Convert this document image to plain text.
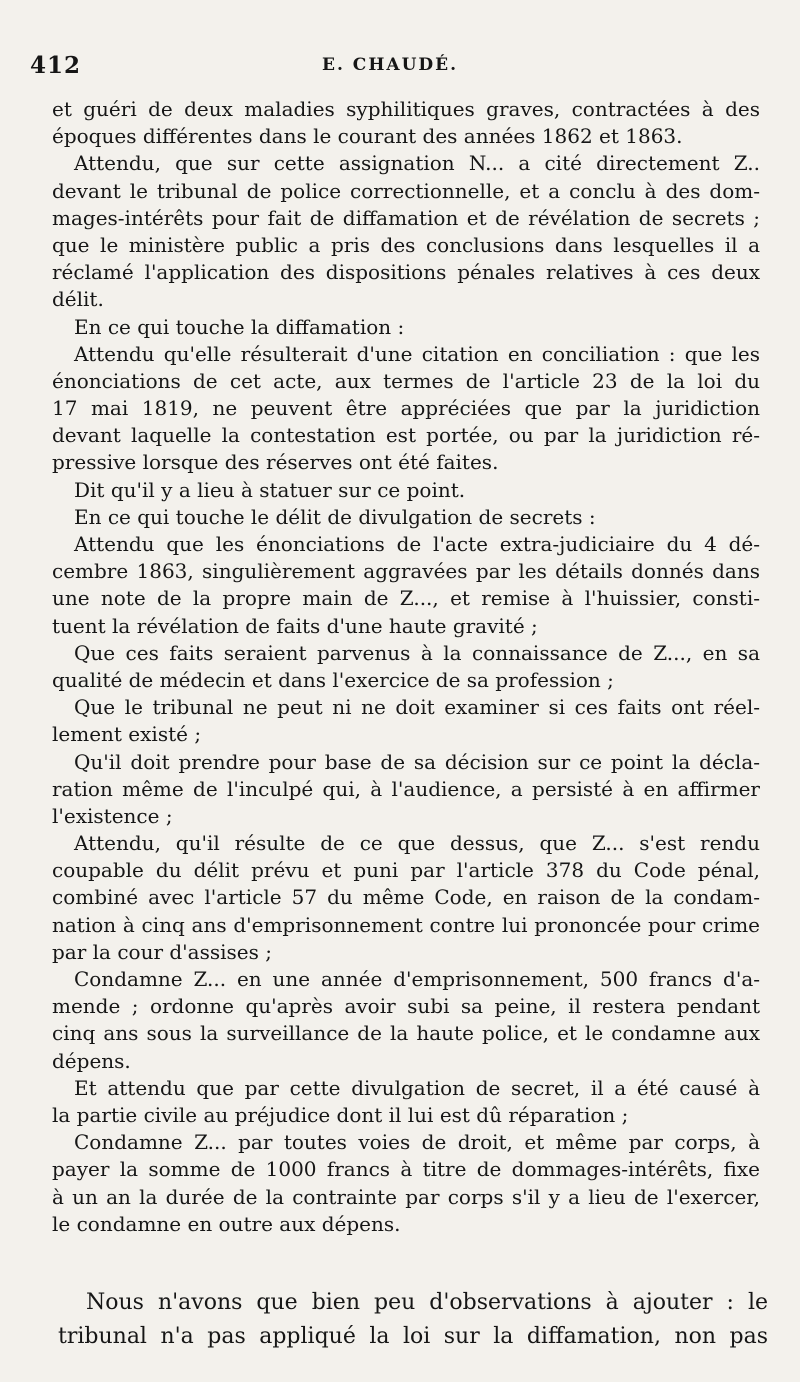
412	E. CHAUDÉ.
et guéri de deux maladies syphilitiques graves, contractées à des
époques différentes dans le courant des années 1862 et 1863.
Attendu, que sur cette assignation N... a cité directement Z..
devant le tribunal de police correctionnelle, et a conclu à des dom-
mages-intérêts pour fait de diffamation et de révélation de secrets ;
que le ministère public a pris des conclusions dans lesquelles il a
réclamé l'application des dispositions pénales relatives à ces deux
délit.
En ce qui touche la diffamation :
Attendu qu'elle résulterait d'une citation en conciliation : que les
énonciations de cet acte, aux termes de l'article 23 de la loi du
17 mai 1819, ne peuvent être appréciées que par la juridiction
devant laquelle la contestation est portée, ou par la juridiction ré-
pressive lorsque des réserves ont été faites.
Dit qu'il y a lieu à statuer sur ce point.
En ce qui touche le délit de divulgation de secrets :
Attendu que les énonciations de l'acte extra-judiciaire du 4 dé-
cembre 1863, singulièrement aggravées par les détails donnés dans
une note de la propre main de Z..., et remise à l'huissier, consti-
tuent la révélation de faits d'une haute gravité ;
Que ces faits seraient parvenus à la connaissance de Z..., en sa
qualité de médecin et dans l'exercice de sa profession ;
Que le tribunal ne peut ni ne doit examiner si ces faits ont réel-
lement existé ;
Qu'il doit prendre pour base de sa décision sur ce point la décla-
ration même de l'inculpé qui, à l'audience, a persisté à en affirmer
l'existence ;
Attendu, qu'il résulte de ce que dessus, que Z... s'est rendu
coupable du délit prévu et puni par l'article 378 du Code pénal,
combiné avec l'article 57 du même Code, en raison de la condam-
nation à cinq ans d'emprisonnement contre lui prononcée pour crime
par la cour d'assises ;
Condamne Z... en une année d'emprisonnement, 500 francs d'a-
mende ; ordonne qu'après avoir subi sa peine, il restera pendant
cinq ans sous la surveillance de la haute police, et le condamne aux
dépens.
Et attendu que par cette divulgation de secret, il a été causé à
la partie civile au préjudice dont il lui est dû réparation ;
Condamne Z... par toutes voies de droit, et même par corps, à
payer la somme de 1000 francs à titre de dommages-intérêts, fixe
à un an la durée de la contrainte par corps s'il y a lieu de l'exercer,
le condamne en outre aux dépens.
Nous n'avons que bien peu d'observations à ajouter : le
tribunal n'a pas appliqué la loi sur la diffamation, non pas
